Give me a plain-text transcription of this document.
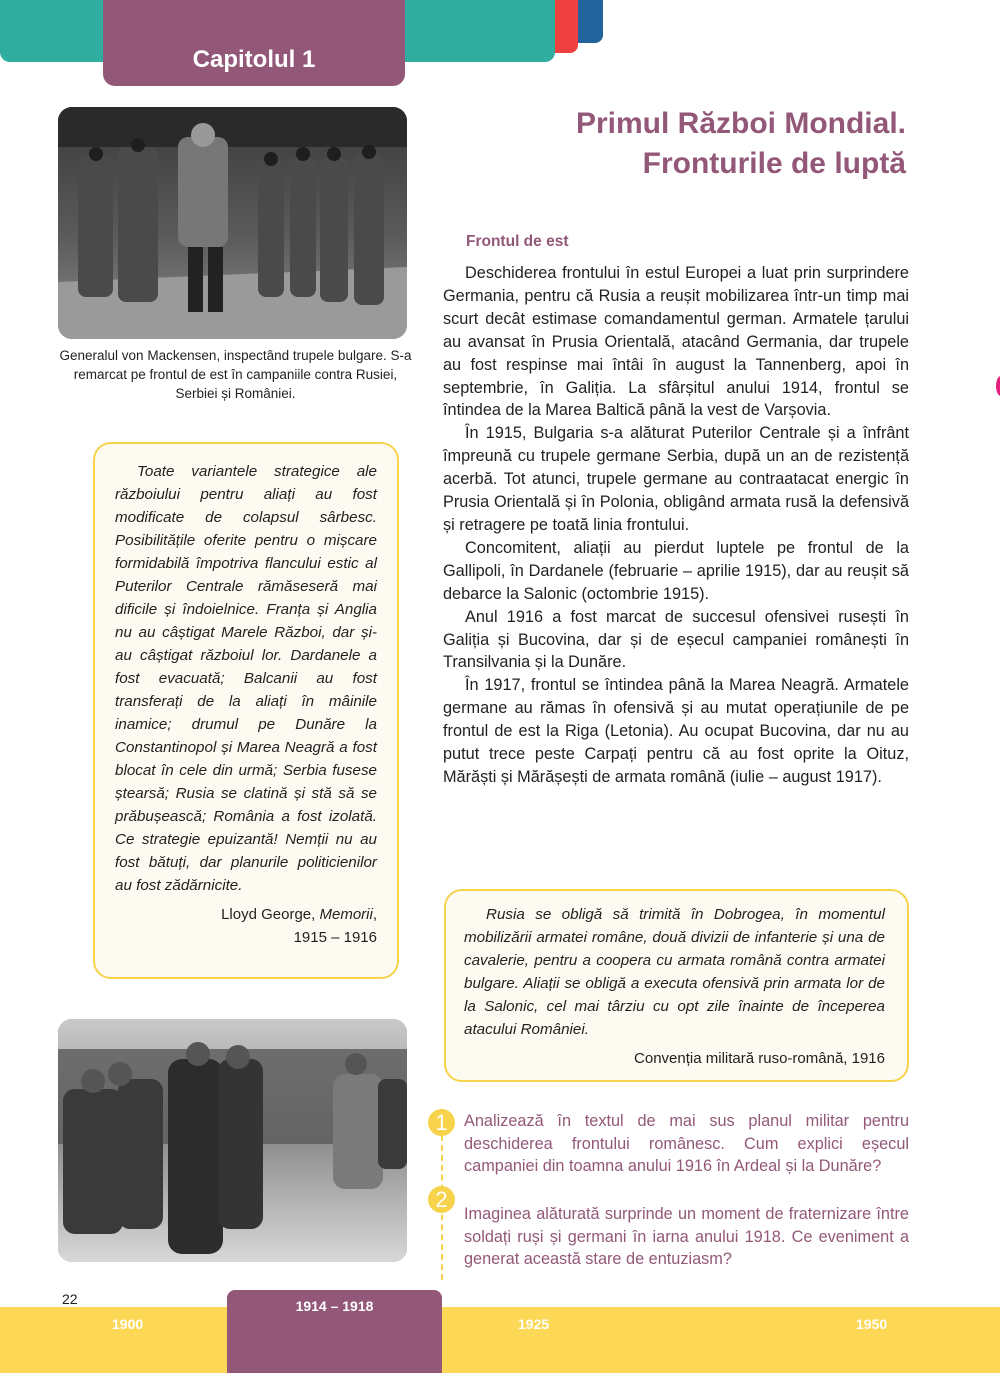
Capitolul 1
Primul Război Mondial.
Fronturile de luptă
Generalul von Mackensen, inspectând trupele bulgare. S-a remarcat pe frontul de est în campaniile contra Rusiei, Serbiei și României.
Toate variantele strategice ale războiului pentru aliați au fost modificate de colapsul sârbesc. Posibilitățile oferite pentru o mișcare formidabilă împotriva flancului estic al Puterilor Centrale rămăseseră mai dificile și îndoielnice. Franța și Anglia nu au câștigat Marele Război, dar și-au câștigat războiul lor. Dardanele a fost evacuată; Balcanii au fost transferați de la aliați în mâinile inamice; drumul pe Dunăre la Constantinopol și Marea Neagră a fost blocat în cele din urmă; Serbia fusese ștearsă; Rusia se clatină și stă să se prăbușească; România a fost izolată. Ce strategie epuizantă! Nemții nu au fost bătuți, dar planurile politicienilor au fost zădărnicite.
Lloyd George, Memorii,
1915 – 1916
Frontul de est

Deschiderea frontului în estul Europei a luat prin surprindere Germania, pentru că Rusia a reușit mobilizarea într-un timp mai scurt decât estimase comandamentul german. Armatele țarului au avansat în Prusia Orientală, atacând Germania, dar trupele au fost respinse mai întâi în august la Tannenberg, apoi în septembrie, în Galiția. La sfârșitul anului 1914, frontul se întindea de la Marea Baltică până la vest de Varșovia.

În 1915, Bulgaria s-a alăturat Puterilor Centrale și a înfrânt împreună cu trupele germane Serbia, după un an de rezistență acerbă. Tot atunci, trupele germane au contraatacat energic în Prusia Orientală și în Polonia, obligând armata rusă la defensivă și retragere pe toată linia frontului.

Concomitent, aliații au pierdut luptele pe frontul de la Gallipoli, în Dardanele (februarie – aprilie 1915), dar au reușit să debarce la Salonic (octombrie 1915).

Anul 1916 a fost marcat de succesul ofensivei rusești în Galiția și Bucovina, dar și de eșecul campaniei românești în Transilvania și la Dunăre.

În 1917, frontul se întindea până la Marea Neagră. Armatele germane au rămas în ofensivă și au mutat operațiunile de pe frontul de est la Riga (Letonia). Au ocupat Bucovina, dar nu au putut trece peste Carpați pentru că au fost oprite la Oituz, Mărăști și Mărășești de armata română (iulie – august 1917).

Rusia se obligă să trimită în Dobrogea, în momentul mobilizării armatei române, două divizii de infanterie și una de cavalerie, pentru a coopera cu armata română contra armatei bulgare. Aliații se obligă a executa ofensivă prin armata lor de la Salonic, cel mai târziu cu opt zile înainte de începerea atacului României.
Convenția militară ruso-română, 1916
1	Analizează în textul de mai sus planul militar pentru deschiderea frontului românesc. Cum explici eșecul campaniei din toamna anului 1916 în Ardeal și la Dunăre?
2
Imaginea alăturată surprinde un moment de fraternizare între soldați ruși și germani în iarna anului 1918. Ce eveniment a generat această stare de entuziasm?
1900	1925	1950
1914 – 1918
22
